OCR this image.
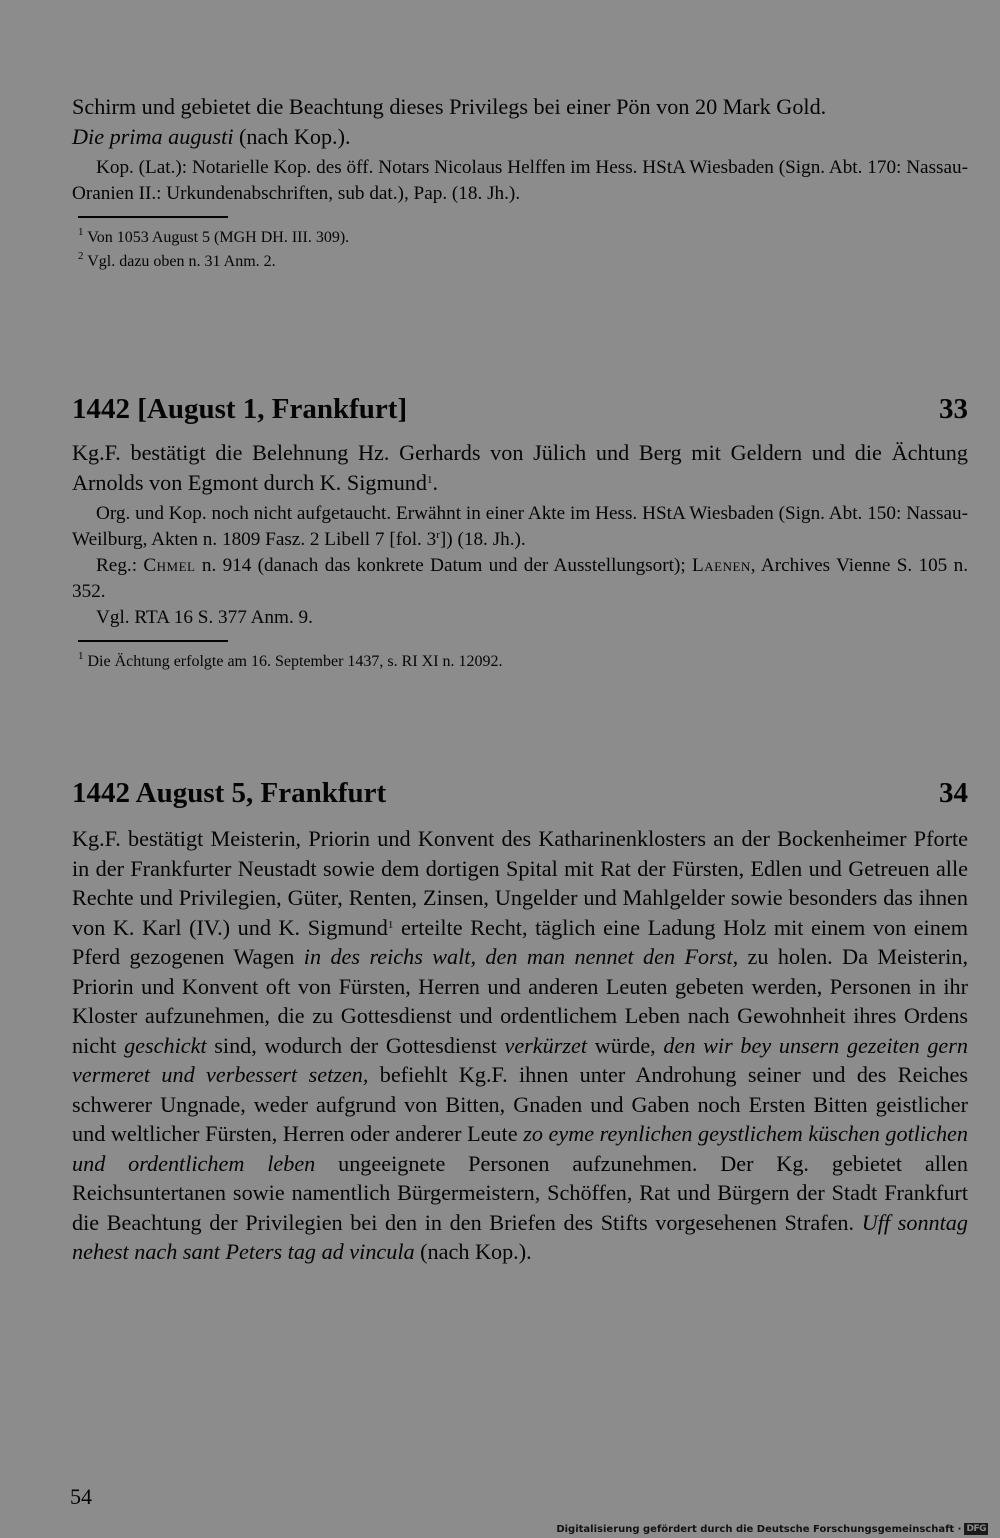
Schirm und gebietet die Beachtung dieses Privilegs bei einer Pön von 20 Mark Gold.
Die prima augusti (nach Kop.).

Kop. (Lat.): Notarielle Kop. des öff. Notars Nicolaus Helffen im Hess. HStA Wiesbaden (Sign. Abt. 170: Nassau-Oranien II.: Urkundenabschriften, sub dat.), Pap. (18. Jh.).

$^1$ Von 1053 August 5 (MGH DH. III. 309).

$^2$ Vgl. dazu oben n. 31 Anm. 2.

1442 [August 1, Frankfurt]	33

Kg.F. bestätigt die Belehnung Hz. Gerhards von Jülich und Berg mit Geldern und die Ächtung Arnolds von Egmont durch K. Sigmund$^1$.

Org. und Kop. noch nicht aufgetaucht. Erwähnt in einer Akte im Hess. HStA Wiesbaden (Sign. Abt. 150: Nassau-Weilburg, Akten n. 1809 Fasz. 2 Libell 7 [fol. 3$^r$]) (18. Jh.).

Reg.: Chmel n. 914 (danach das konkrete Datum und der Ausstellungsort); Laenen, Archives Vienne S. 105 n. 352.

Vgl. RTA 16 S. 377 Anm. 9.

$^1$ Die Ächtung erfolgte am 16. September 1437, s. RI XI n. 12092.

1442 August 5, Frankfurt	34

Kg.F. bestätigt Meisterin, Priorin und Konvent des Katharinenklosters an der Bockenheimer Pforte in der Frankfurter Neustadt sowie dem dortigen Spital mit Rat der Fürsten, Edlen und Getreuen alle Rechte und Privilegien, Güter, Renten, Zinsen, Ungelder und Mahlgelder sowie besonders das ihnen von K. Karl (IV.) und K. Sigmund$^1$ erteilte Recht, täglich eine Ladung Holz mit einem von einem Pferd gezogenen Wagen in des reichs walt, den man nennet den Forst, zu holen. Da Meisterin, Priorin und Konvent oft von Fürsten, Herren und anderen Leuten gebeten werden, Personen in ihr Kloster aufzunehmen, die zu Gottesdienst und ordentlichem Leben nach Gewohnheit ihres Ordens nicht geschickt sind, wodurch der Gottesdienst verkürzet würde, den wir bey unsern gezeiten gern vermeret und verbessert setzen, befiehlt Kg.F. ihnen unter Androhung seiner und des Reiches schwerer Ungnade, weder aufgrund von Bitten, Gnaden und Gaben noch Ersten Bitten geistlicher und weltlicher Fürsten, Herren oder anderer Leute zo eyme reynlichen geystlichem küschen gotlichen und ordentlichem leben ungeeignete Personen aufzunehmen. Der Kg. gebietet allen Reichsuntertanen sowie namentlich Bürgermeistern, Schöffen, Rat und Bürgern der Stadt Frankfurt die Beachtung der Privilegien bei den in den Briefen des Stifts vorgesehenen Strafen. Uff sonntag nehest nach sant Peters tag ad vincula (nach Kop.).

54
Digitalisierung gefördert durch die Deutsche Forschungsgemeinschaft · DFG
